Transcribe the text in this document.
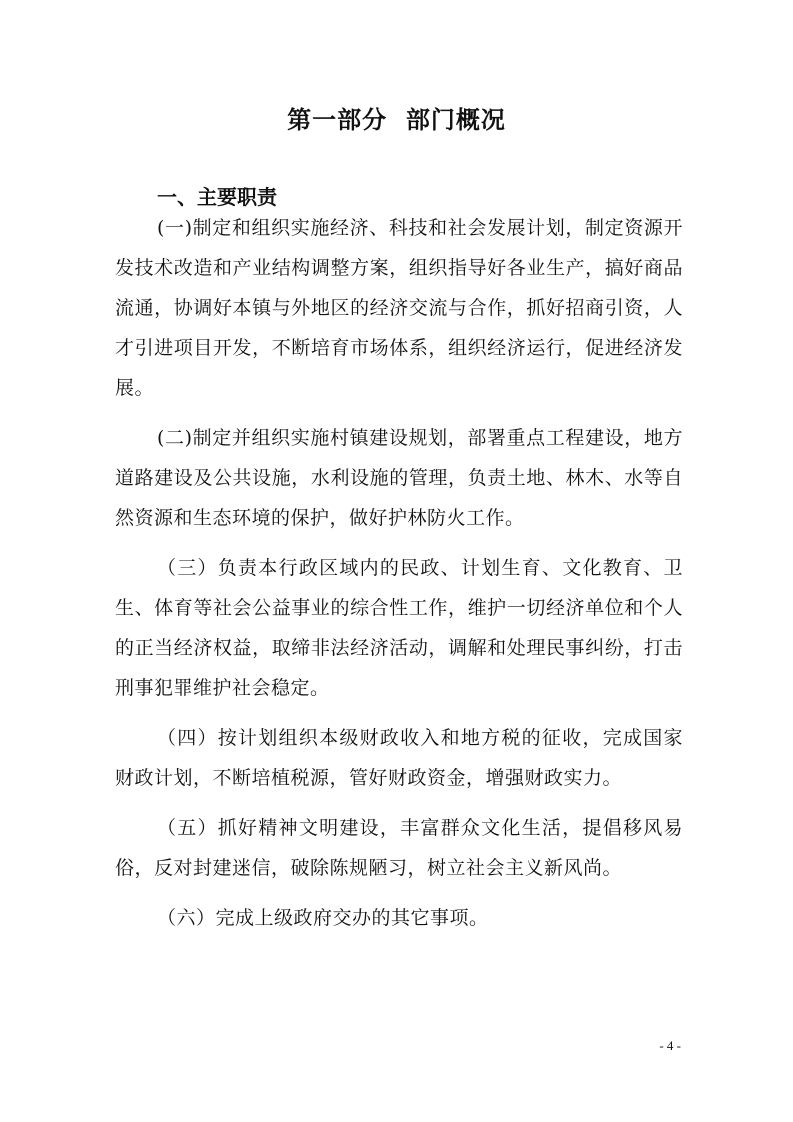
第一部分  部门概况
一、主要职责

(一)制定和组织实施经济、科技和社会发展计划，制定资源开发技术改造和产业结构调整方案，组织指导好各业生产，搞好商品流通，协调好本镇与外地区的经济交流与合作，抓好招商引资，人才引进项目开发，不断培育市场体系，组织经济运行，促进经济发展。

(二)制定并组织实施村镇建设规划，部署重点工程建设，地方道路建设及公共设施，水利设施的管理，负责土地、林木、水等自然资源和生态环境的保护，做好护林防火工作。

（三）负责本行政区域内的民政、计划生育、文化教育、卫生、体育等社会公益事业的综合性工作，维护一切经济单位和个人的正当经济权益，取缔非法经济活动，调解和处理民事纠纷，打击刑事犯罪维护社会稳定。

（四）按计划组织本级财政收入和地方税的征收，完成国家财政计划，不断培植税源，管好财政资金，增强财政实力。

（五）抓好精神文明建设，丰富群众文化生活，提倡移风易俗，反对封建迷信，破除陈规陋习，树立社会主义新风尚。

（六）完成上级政府交办的其它事项。

- 4 -
